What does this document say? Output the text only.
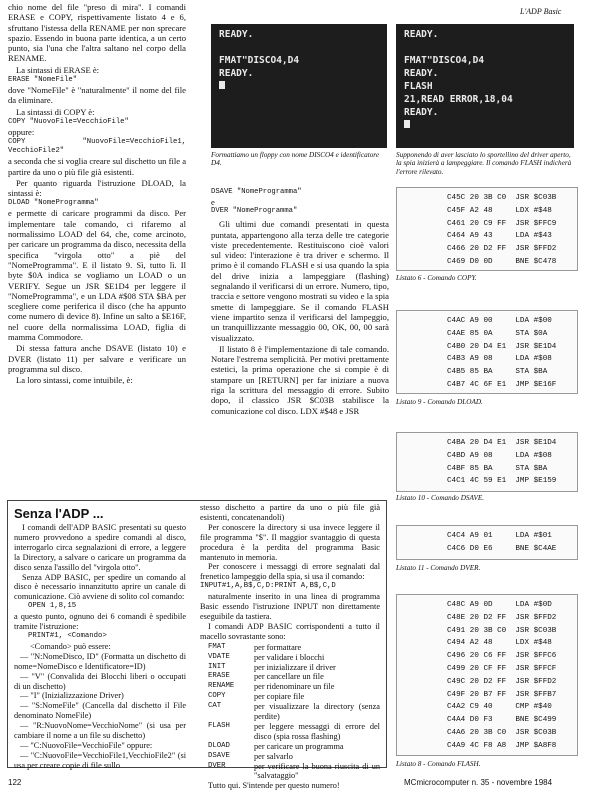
L'ADP Basic

chio nome del file "preso di mira". I comandi ERASE e COPY, rispettivamente listato 4 e 6, sfruttano l'istessa della RENAME per non sprecare spazio. Essendo in buona parte identica, a un certo punto, sia l'una che l'altra saltano nel corpo della RENAME.

La sintassi di ERASE è:

ERASE "NomeFile"

dove "NomeFile" è "naturalmente" il nome del file da eliminare.

La sintassi di COPY è:

COPY "NuovoFile=VecchioFile"

oppure:

COPY "NuovoFile=VecchioFile1, VecchioFile2"

a seconda che si voglia creare sul dischetto un file a partire da uno o più file già esistenti.

Per quanto riguarda l'istruzione DLOAD, la sintassi è:

DLOAD "NomeProgramma"

e permette di caricare programmi da disco. Per implementare tale comando, ci rifaremo al normalissimo LOAD del 64, che, come arcinoto, per caricare un programma da disco, necessita della specifica "virgola otto" a piè del "NomeProgramma". E il listato 9. Sì, tutto lì. Il byte $0A indica se vogliamo un LOAD o un VERIFY. Segue un JSR $E1D4 per leggere il "NomeProgramma", e un LDA #$08 STA $BA per scegliere come periferica il disco (che ha appunto come numero di device 8). Infine un salto a $E16F, nel cuore della normalissima LOAD, figlia di mamma Commodore.

Di stessa fattura anche DSAVE (listato 10) e DVER (listato 11) per salvare e verificare un programma sul disco.

La loro sintassi, come intuibile, è:

READY.
FMAT"DISCO4,D4
READY.
Formattiamo un floppy con nome DISCO4 e identificatore D4.
READY.
FMAT"DISCO4,D4
READY.
FLASH
21,READ ERROR,18,04
READY.
Supponendo di aver lasciato lo sportellino del driver aperto, la spia inizierà a lampeggiare. Il comando FLASH indicherà l'errore rilevato.
DSAVE "NomeProgramma"
e
DVER "NomeProgramma"

Gli ultimi due comandi presentati in questa puntata, appartengono alla terza delle tre categorie viste precedentemente. Restituiscono cioè valori sul video: l'interazione è tra driver e schermo. Il primo è il comando FLASH e si usa quando la spia del drive inizia a lampeggiare (flashing) segnalando il verificarsi di un errore. Numero, tipo, traccia e settore vengono mostrati su video e la spia smette di lampeggiare. Se il comando FLASH viene impartito senza il verificarsi del lampeggio, un tranquillizzante messaggio 00, OK, 00, 00 sarà visualizzato.

Il listato 8 è l'implementazione di tale comando. Notare l'estrema semplicità. Per motivi prettamente estetici, la prima operazione che si compie è di stampare un [RETURN] per far iniziare a nuova riga la scrittura del messaggio di errore. Subito dopo, il classico JSR $C03B stabilisce la comunicazione col disco. LDX #$48 e JSR

C45C 20 3B C0  JSR $C03B
C45F A2 48     LDX #$48
C461 20 C9 FF  JSR $FFC9
C464 A9 43     LDA #$43
C466 20 D2 FF  JSR $FFD2
C469 D0 0D     BNE $C478
Listato 6 - Comando COPY.
C4AC A9 00     LDA #$00
C4AE 85 0A     STA $0A
C4B0 20 D4 E1  JSR $E1D4
C4B3 A9 08     LDA #$08
C4B5 85 BA     STA $BA
C4B7 4C 6F E1  JMP $E16F
Listato 9 - Comando DLOAD.
C4BA 20 D4 E1  JSR $E1D4
C4BD A9 08     LDA #$08
C4BF 85 BA     STA $BA
C4C1 4C 59 E1  JMP $E159
Listato 10 - Comando DSAVE.
C4C4 A9 01     LDA #$01
C4C6 D0 E6     BNE $C4AE
Listato 11 - Comando DVER.
C48C A9 0D     LDA #$0D
C48E 20 D2 FF  JSR $FFD2
C491 20 3B C0  JSR $C03B
C494 A2 48     LDX #$48
C496 20 C6 FF  JSR $FFC6
C499 20 CF FF  JSR $FFCF
C49C 20 D2 FF  JSR $FFD2
C49F 20 B7 FF  JSR $FFB7
C4A2 C9 40     CMP #$40
C4A4 D0 F3     BNE $C499
C4A6 20 3B C0  JSR $C03B
C4A9 4C F8 A8  JMP $A8F8
Listato 8 - Comando FLASH.
Senza l'ADP ...

I comandi dell'ADP BASIC presentati su questo numero provvedono a spedire comandi al disco, interrogarlo circa segnalazioni di errore, a leggere la Directory, a salvare o caricare un programma da disco senza l'assillo del "virgola otto".

Senza ADP BASIC, per spedire un comando al disco è necessario innanzitutto aprire un canale di comunicazione. Ciò avviene di solito col comando:

OPEN 1,8,15

a questo punto, ognuno dei 6 comandi è spedibile tramite l'istruzione:

PRINT#1, <Comando>

<Comando> può essere:

— "N:NomeDisco, ID" (Formatta un dischetto di nome=NomeDisco e Identificatore=ID)

— "V" (Convalida dei Blocchi liberi o occupati di un dischetto)

— "I" (Inizializzazione Driver)

— "S:NomeFile" (Cancella dal dischetto il File denominato NomeFile)

— "R:NuovoNome=VecchioNome" (si usa per cambiare il nome a un file su dischetto)

— "C:NuovoFile=VecchioFile" oppure:

— "C:NuovoFile=VecchioFile1,VecchioFile2" (si usa per creare copie di file sullo

stesso dischetto a partire da uno o più file già esistenti, concatenandoli)

Per conoscere la directory si usa invece leggere il file programma "$". Il maggior svantaggio di questa procedura è la perdita del programma Basic mantenuto in memoria.

Per conoscere i messaggi di errore segnalati dal frenetico lampeggio della spia, si usa il comando:

INPUT#1,A,B$,C,D:PRINT A,B$,C,D

naturalmente inserito in una linea di programma Basic essendo l'istruzione INPUT non direttamente eseguibile da tastiera.

I comandi ADP BASIC corrispondenti a tutto il macello sovrastante sono:

FMAT	per formattare
VDATE	per validare i blocchi
INIT	per inizializzare il driver
ERASE	per cancellare un file
RENAME	per ridenominare un file
COPY	per copiare file
CAT	per visualizzare la directory (senza perdite)
FLASH	per leggere messaggi di errore del disco (spia rossa flashing)
DLOAD	per caricare un programma
DSAVE	per salvarlo
DVER	per verificare la buona riuscita di un "salvataggio"

Tutto qui. S'intende per questo numero!

122	MCmicrocomputer n. 35 - novembre 1984
